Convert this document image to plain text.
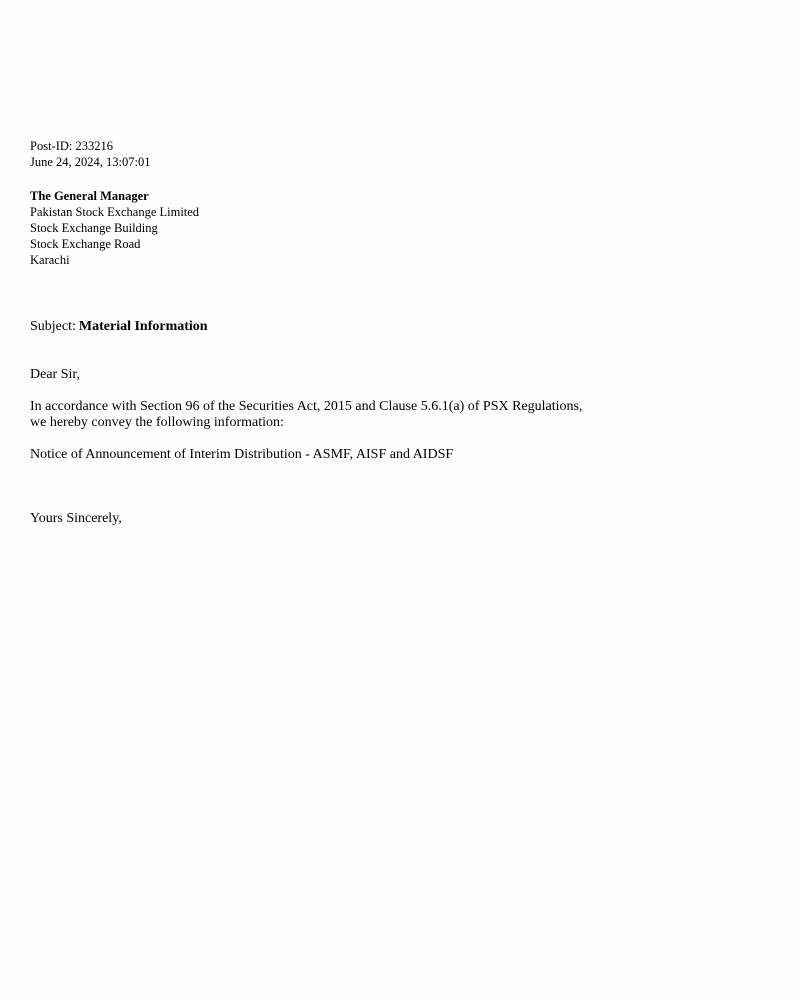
Post-ID: 233216
June 24, 2024, 13:07:01
The General Manager
Pakistan Stock Exchange Limited
Stock Exchange Building
Stock Exchange Road
Karachi
Subject: Material Information
Dear Sir,
In accordance with Section 96 of the Securities Act, 2015 and Clause 5.6.1(a) of PSX Regulations,
we hereby convey the following information:
Notice of Announcement of Interim Distribution - ASMF, AISF and AIDSF
Yours Sincerely,
